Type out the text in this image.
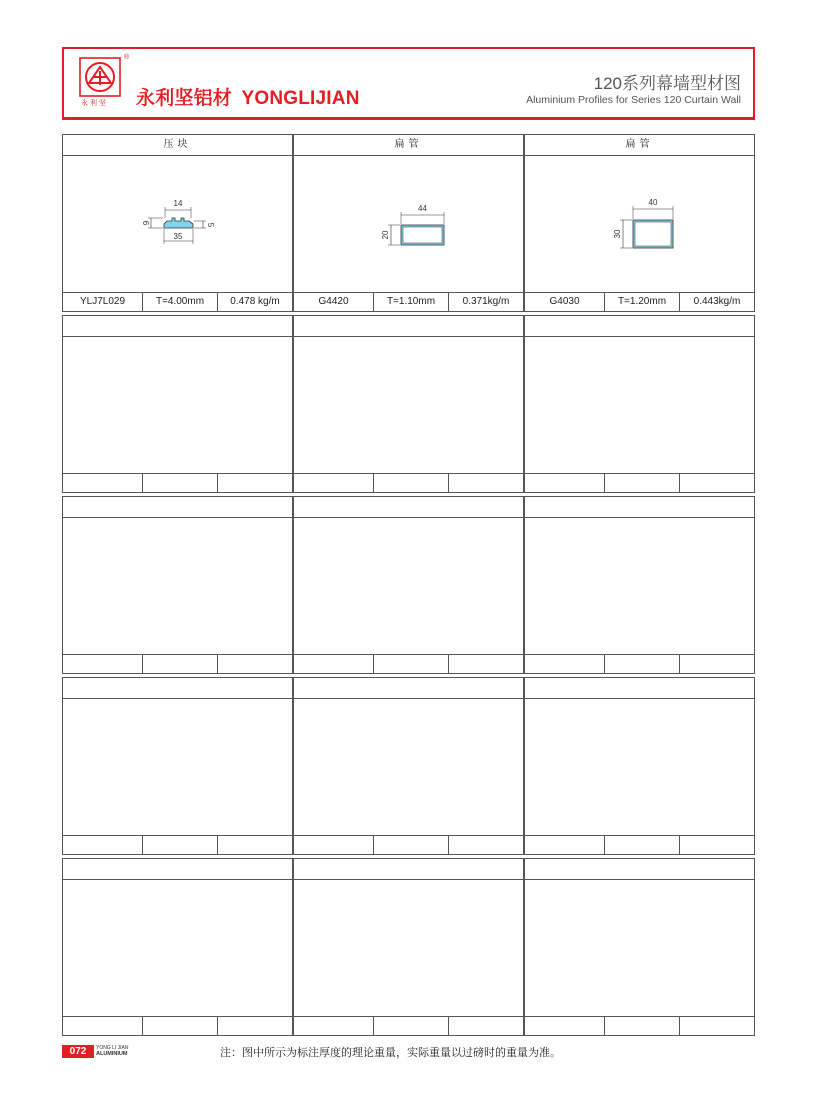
永 利 坚
®
永利坚铝材 YONGLIJIAN
120系列幕墙型材图
Aluminium Profiles for Series 120 Curtain Wall
压块
14
35
9	5
YLJ7L029	T=4.00mm	0.478 kg/m
扁管
44
20
G4420	T=1.10mm	0.371kg/m
扁管
40
30
G4030	T=1.20mm	0.443kg/m
072	YONG LI JIAN
ALUMINIUM	注：图中所示为标注厚度的理论重量，实际重量以过磅时的重量为准。
